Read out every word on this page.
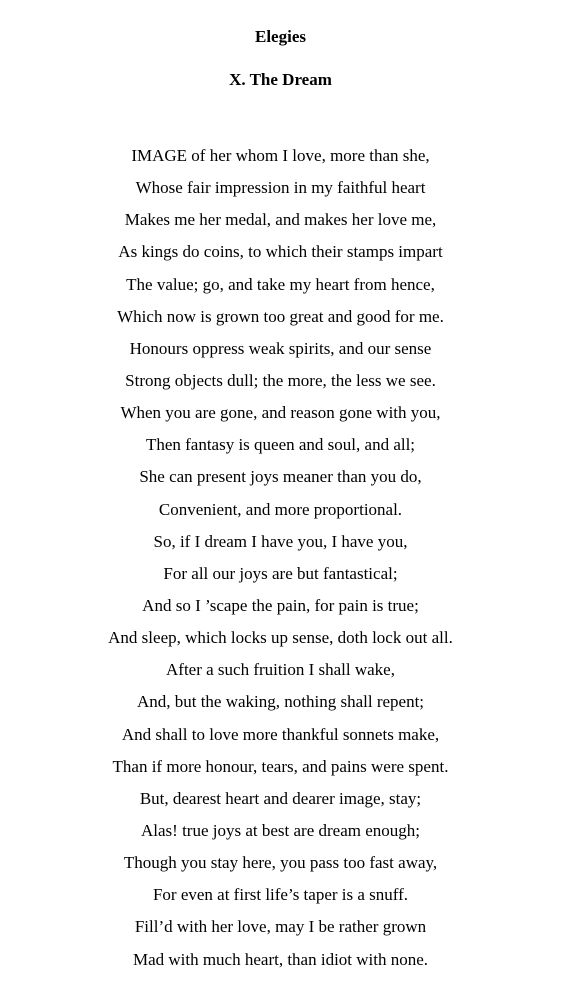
Elegies
X. The Dream
IMAGE of her whom I love, more than she,
Whose fair impression in my faithful heart
Makes me her medal, and makes her love me,
As kings do coins, to which their stamps impart
The value; go, and take my heart from hence,
Which now is grown too great and good for me.
Honours oppress weak spirits, and our sense
Strong objects dull; the more, the less we see.
When you are gone, and reason gone with you,
Then fantasy is queen and soul, and all;
She can present joys meaner than you do,
Convenient, and more proportional.
So, if I dream I have you, I have you,
For all our joys are but fantastical;
And so I ’scape the pain, for pain is true;
And sleep, which locks up sense, doth lock out all.
After a such fruition I shall wake,
And, but the waking, nothing shall repent;
And shall to love more thankful sonnets make,
Than if more honour, tears, and pains were spent.
But, dearest heart and dearer image, stay;
Alas! true joys at best are dream enough;
Though you stay here, you pass too fast away,
For even at first life’s taper is a snuff.
Fill’d with her love, may I be rather grown
Mad with much heart, than idiot with none.
